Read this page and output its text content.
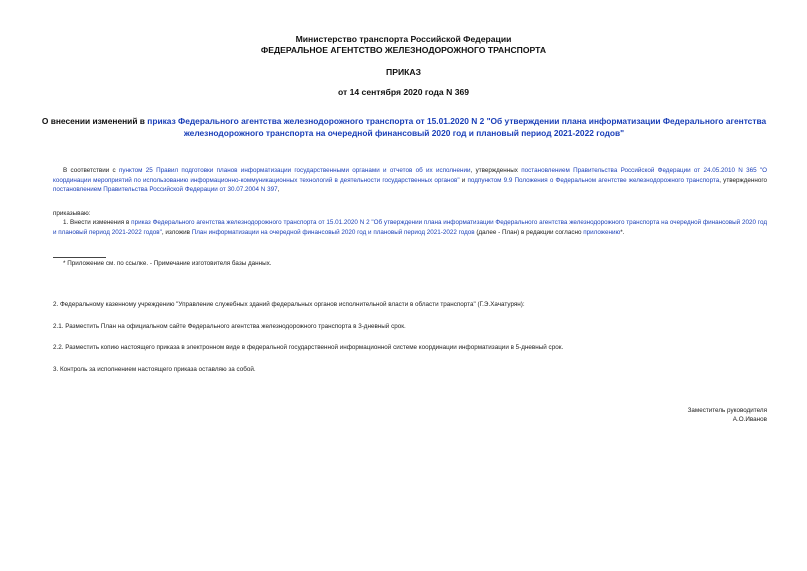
Министерство транспорта Российской Федерации
ФЕДЕРАЛЬНОЕ АГЕНТСТВО ЖЕЛЕЗНОДОРОЖНОГО ТРАНСПОРТА
ПРИКАЗ
от 14 сентября 2020 года N 369
О внесении изменений в приказ Федерального агентства железнодорожного транспорта от 15.01.2020 N 2 "Об утверждении плана информатизации Федерального агентства железнодорожного транспорта на очередной финансовый 2020 год и плановый период 2021-2022 годов"
В соответствии с пунктом 25 Правил подготовки планов информатизации государственными органами и отчетов об их исполнении, утвержденных постановлением Правительства Российской Федерации от 24.05.2010 N 365 "О координации мероприятий по использованию информационно-коммуникационных технологий в деятельности государственных органов" и подпунктом 9.9 Положения о Федеральном агентстве железнодорожного транспорта, утвержденного постановлением Правительства Российской Федерации от 30.07.2004 N 397,
приказываю:
1. Внести изменения в приказ Федерального агентства железнодорожного транспорта от 15.01.2020 N 2 "Об утверждении плана информатизации Федерального агентства железнодорожного транспорта на очередной финансовый 2020 год и плановый период 2021-2022 годов", изложив План информатизации на очередной финансовый 2020 год и плановый период 2021-2022 годов (далее - План) в редакции согласно приложению*.
* Приложение см. по ссылке. - Примечание изготовителя базы данных.
2. Федеральному казенному учреждению "Управление служебных зданий федеральных органов исполнительной власти в области транспорта" (Г.Э.Хачатурян):
2.1. Разместить План на официальном сайте Федерального агентства железнодорожного транспорта в 3-дневный срок.
2.2. Разместить копию настоящего приказа в электронном виде в федеральной государственной информационной системе координации информатизации в 5-дневный срок.
3. Контроль за исполнением настоящего приказа оставляю за собой.
Заместитель руководителя
А.О.Иванов
